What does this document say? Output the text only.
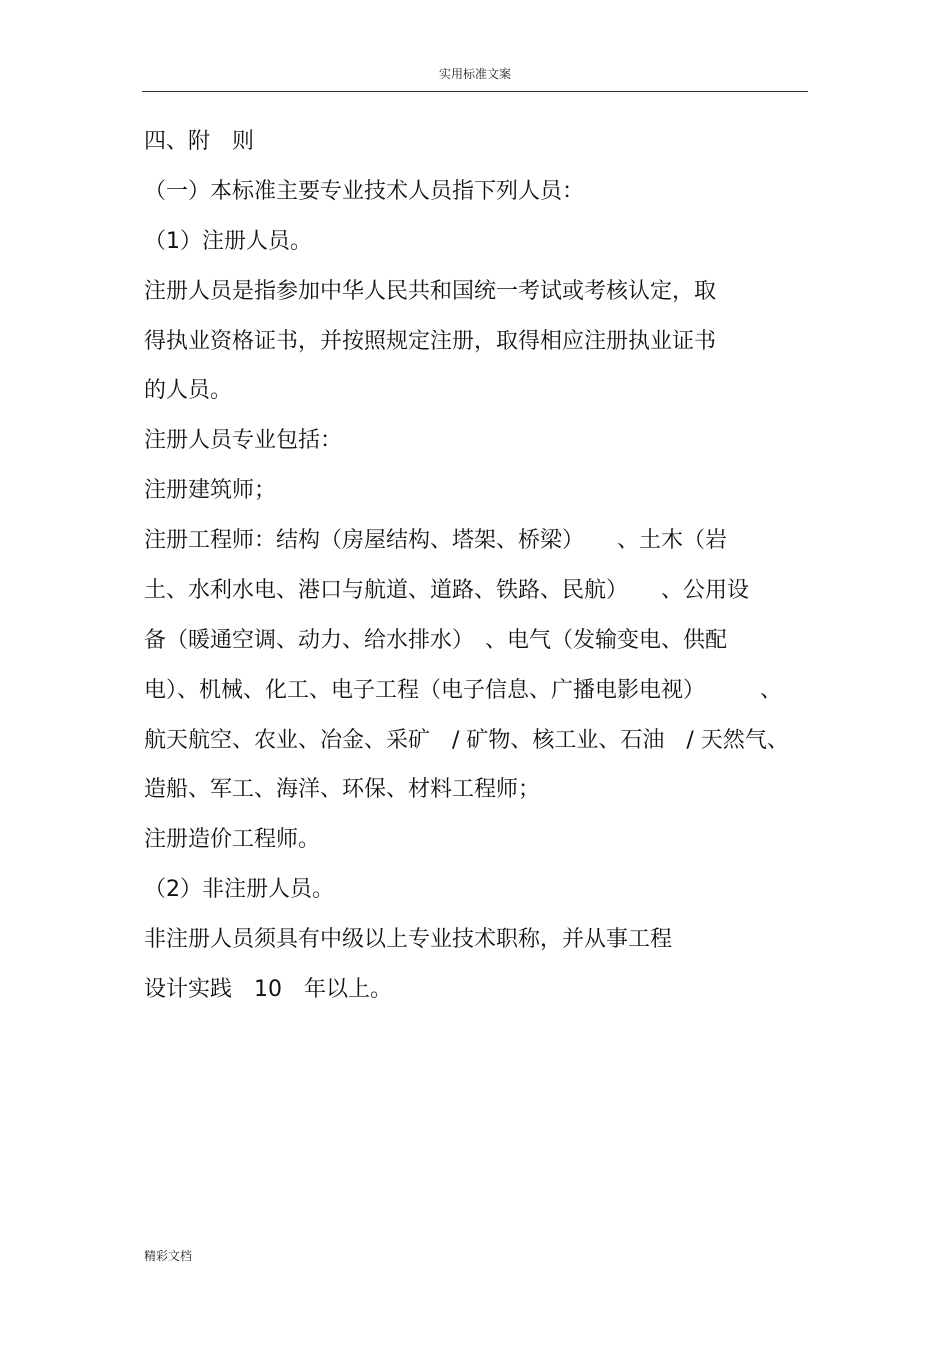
实用标准文案
四、附　则
（一）本标准主要专业技术人员指下列人员：
（1）注册人员。
注册人员是指参加中华人民共和国统一考试或考核认定，取
得执业资格证书，并按照规定注册，取得相应注册执业证书
的人员。
注册人员专业包括：
注册建筑师；
注册工程师：结构（房屋结构、塔架、桥梁）　　、土木（岩
土、水利水电、港口与航道、道路、铁路、民航）　　、公用设
备（暖通空调、动力、给水排水）　、电气（发输变电、供配
电）、机械、化工、电子工程（电子信息、广播电影电视）　　　、
航天航空、农业、冶金、采矿　/ 矿物、核工业、石油　/ 天然气、
造船、军工、海洋、环保、材料工程师；
注册造价工程师。
（2）非注册人员。
非注册人员须具有中级以上专业技术职称，并从事工程
设计实践　10　年以上。
精彩文档
